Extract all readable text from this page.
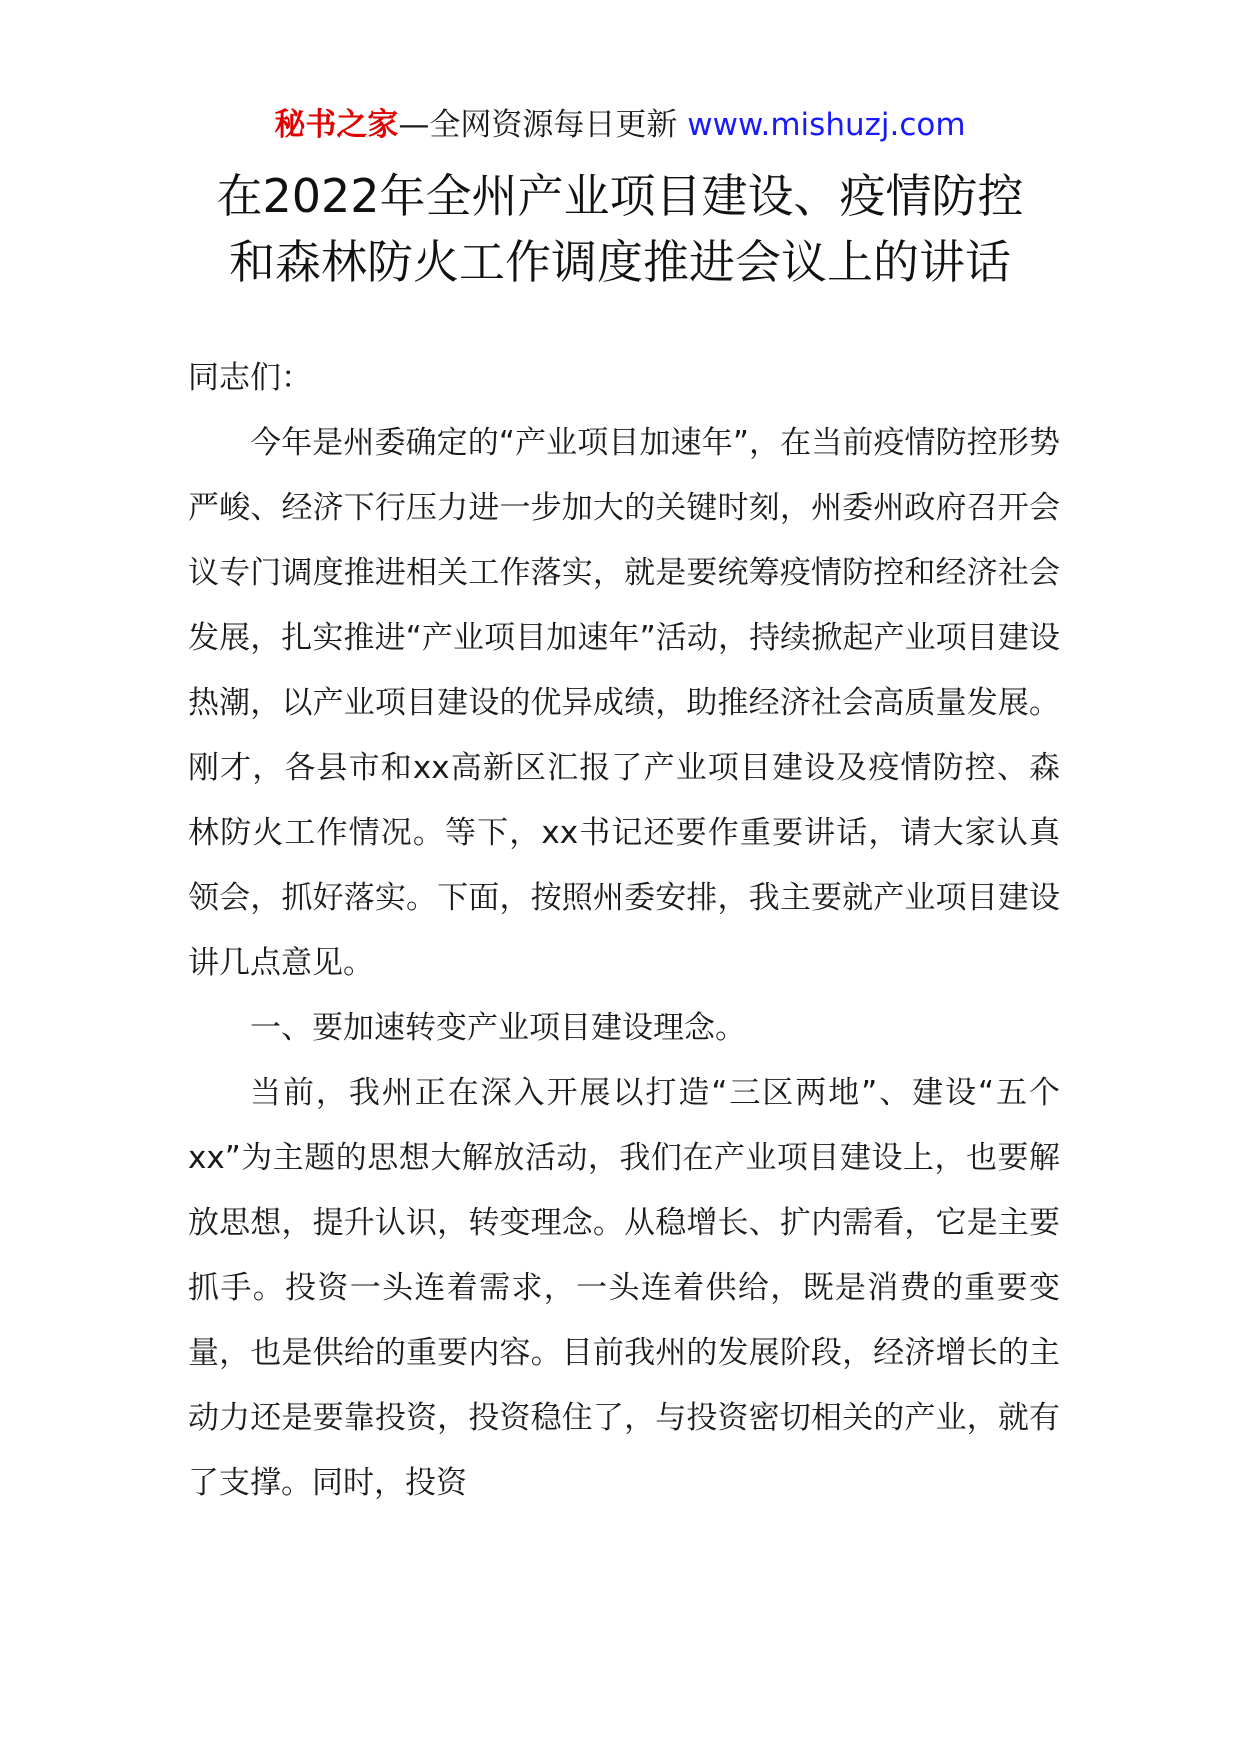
秘书之家—全网资源每日更新 www.mishuzj.com
在2022年全州产业项目建设、疫情防控
和森林防火工作调度推进会议上的讲话

同志们：

今年是州委确定的“产业项目加速年”，在当前疫情防控形势严峻、经济下行压力进一步加大的关键时刻，州委州政府召开会议专门调度推进相关工作落实，就是要统筹疫情防控和经济社会发展，扎实推进“产业项目加速年”活动，持续掀起产业项目建设热潮，以产业项目建设的优异成绩，助推经济社会高质量发展。刚才，各县市和xx高新区汇报了产业项目建设及疫情防控、森林防火工作情况。等下，xx书记还要作重要讲话，请大家认真领会，抓好落实。下面，按照州委安排，我主要就产业项目建设讲几点意见。

一、要加速转变产业项目建设理念。

当前，我州正在深入开展以打造“三区两地”、建设“五个xx”为主题的思想大解放活动，我们在产业项目建设上，也要解放思想，提升认识，转变理念。从稳增长、扩内需看，它是主要抓手。投资一头连着需求，一头连着供给，既是消费的重要变量，也是供给的重要内容。目前我州的发展阶段，经济增长的主动力还是要靠投资，投资稳住了，与投资密切相关的产业，就有了支撑。同时，投资
